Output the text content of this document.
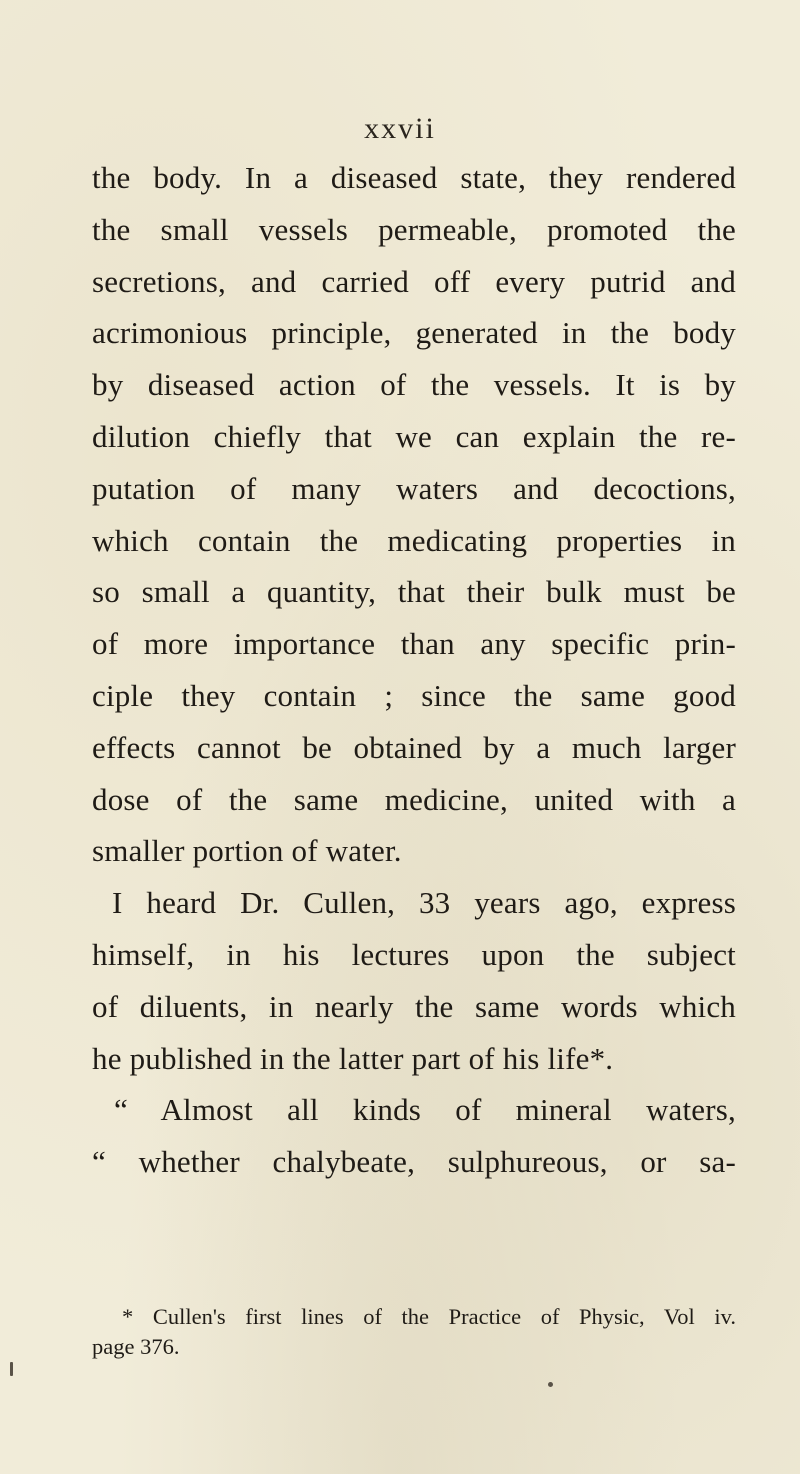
xxvii
the body. In a diseased state, they rendered
the small vessels permeable, promoted the
secretions, and carried off every putrid and
acrimonious principle, generated in the body
by diseased action of the vessels. It is by
dilution chiefly that we can explain the re-
putation of many waters and decoctions,
which contain the medicating properties in
so small a quantity, that their bulk must be
of more importance than any specific prin-
ciple they contain ; since the same good
effects cannot be obtained by a much larger
dose of the same medicine, united with a
smaller portion of water.
I heard Dr. Cullen, 33 years ago, express
himself, in his lectures upon the subject
of diluents, in nearly the same words which
he published in the latter part of his life*.
“ Almost all kinds of mineral waters,
“ whether chalybeate, sulphureous, or sa-
* Cullen's first lines of the Practice of Physic, Vol iv.
page 376.
